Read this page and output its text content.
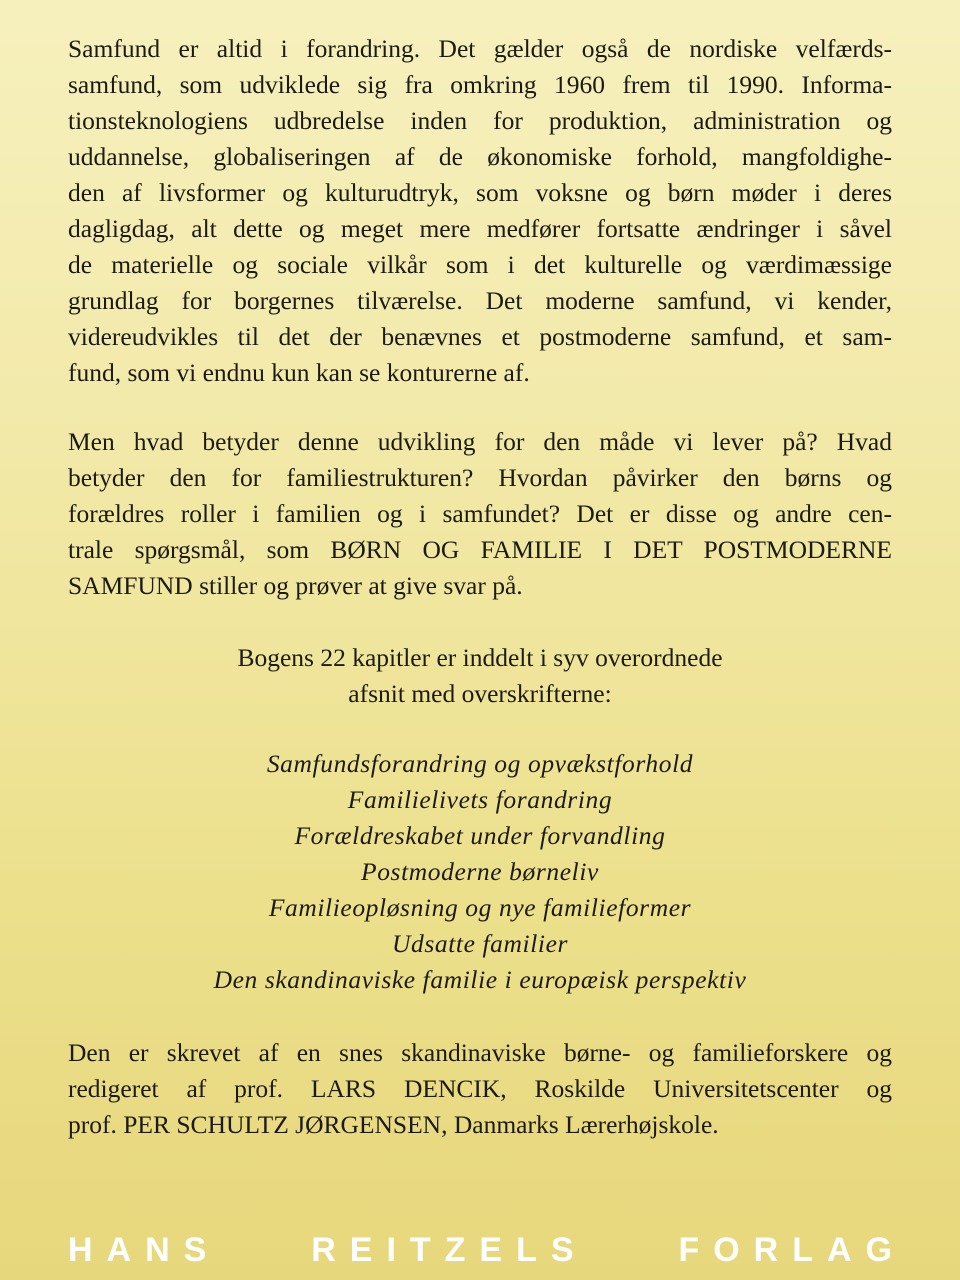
Samfund er altid i forandring. Det gælder også de nordiske velfærds-
samfund, som udviklede sig fra omkring 1960 frem til 1990. Informa-
tionsteknologiens udbredelse inden for produktion, administration og
uddannelse, globaliseringen af de økonomiske forhold, mangfoldighe-
den af livsformer og kulturudtryk, som voksne og børn møder i deres
dagligdag, alt dette og meget mere medfører fortsatte ændringer i såvel
de materielle og sociale vilkår som i det kulturelle og værdimæssige
grundlag for borgernes tilværelse. Det moderne samfund, vi kender,
videreudvikles til det der benævnes et postmoderne samfund, et sam-
fund, som vi endnu kun kan se konturerne af.
Men hvad betyder denne udvikling for den måde vi lever på? Hvad
betyder den for familiestrukturen? Hvordan påvirker den børns og
forældres roller i familien og i samfundet? Det er disse og andre cen-
trale spørgsmål, som BØRN OG FAMILIE I DET POSTMODERNE
SAMFUND stiller og prøver at give svar på.
Bogens 22 kapitler er inddelt i syv overordnede
afsnit med overskrifterne:
Samfundsforandring og opvækstforhold
Familielivets forandring
Forældreskabet under forvandling
Postmoderne børneliv
Familieopløsning og nye familieformer
Udsatte familier
Den skandinaviske familie i europæisk perspektiv
Den er skrevet af en snes skandinaviske børne- og familieforskere og
redigeret af prof. LARS DENCIK, Roskilde Universitetscenter og
prof. PER SCHULTZ JØRGENSEN, Danmarks Lærerhøjskole.
HANS	REITZELS	FORLAG
